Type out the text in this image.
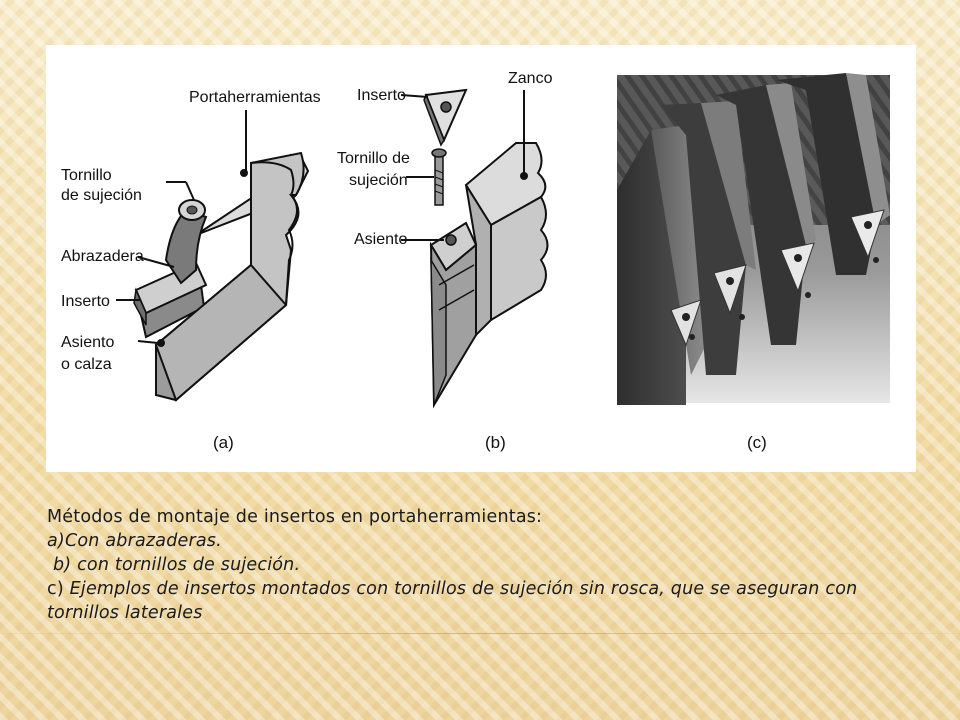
Portaherramientas
Tornillo
de sujeción
Abrazadera
Inserto
Asiento
o calza
(a)
Inserto
Zanco
Tornillo de
sujeción
Asiento
(b)	(c)
Métodos de montaje de insertos en portaherramientas:
a)Con abrazaderas.
b) con tornillos de sujeción.
c) Ejemplos de insertos montados con tornillos de sujeción sin rosca, que se aseguran con tornillos laterales
